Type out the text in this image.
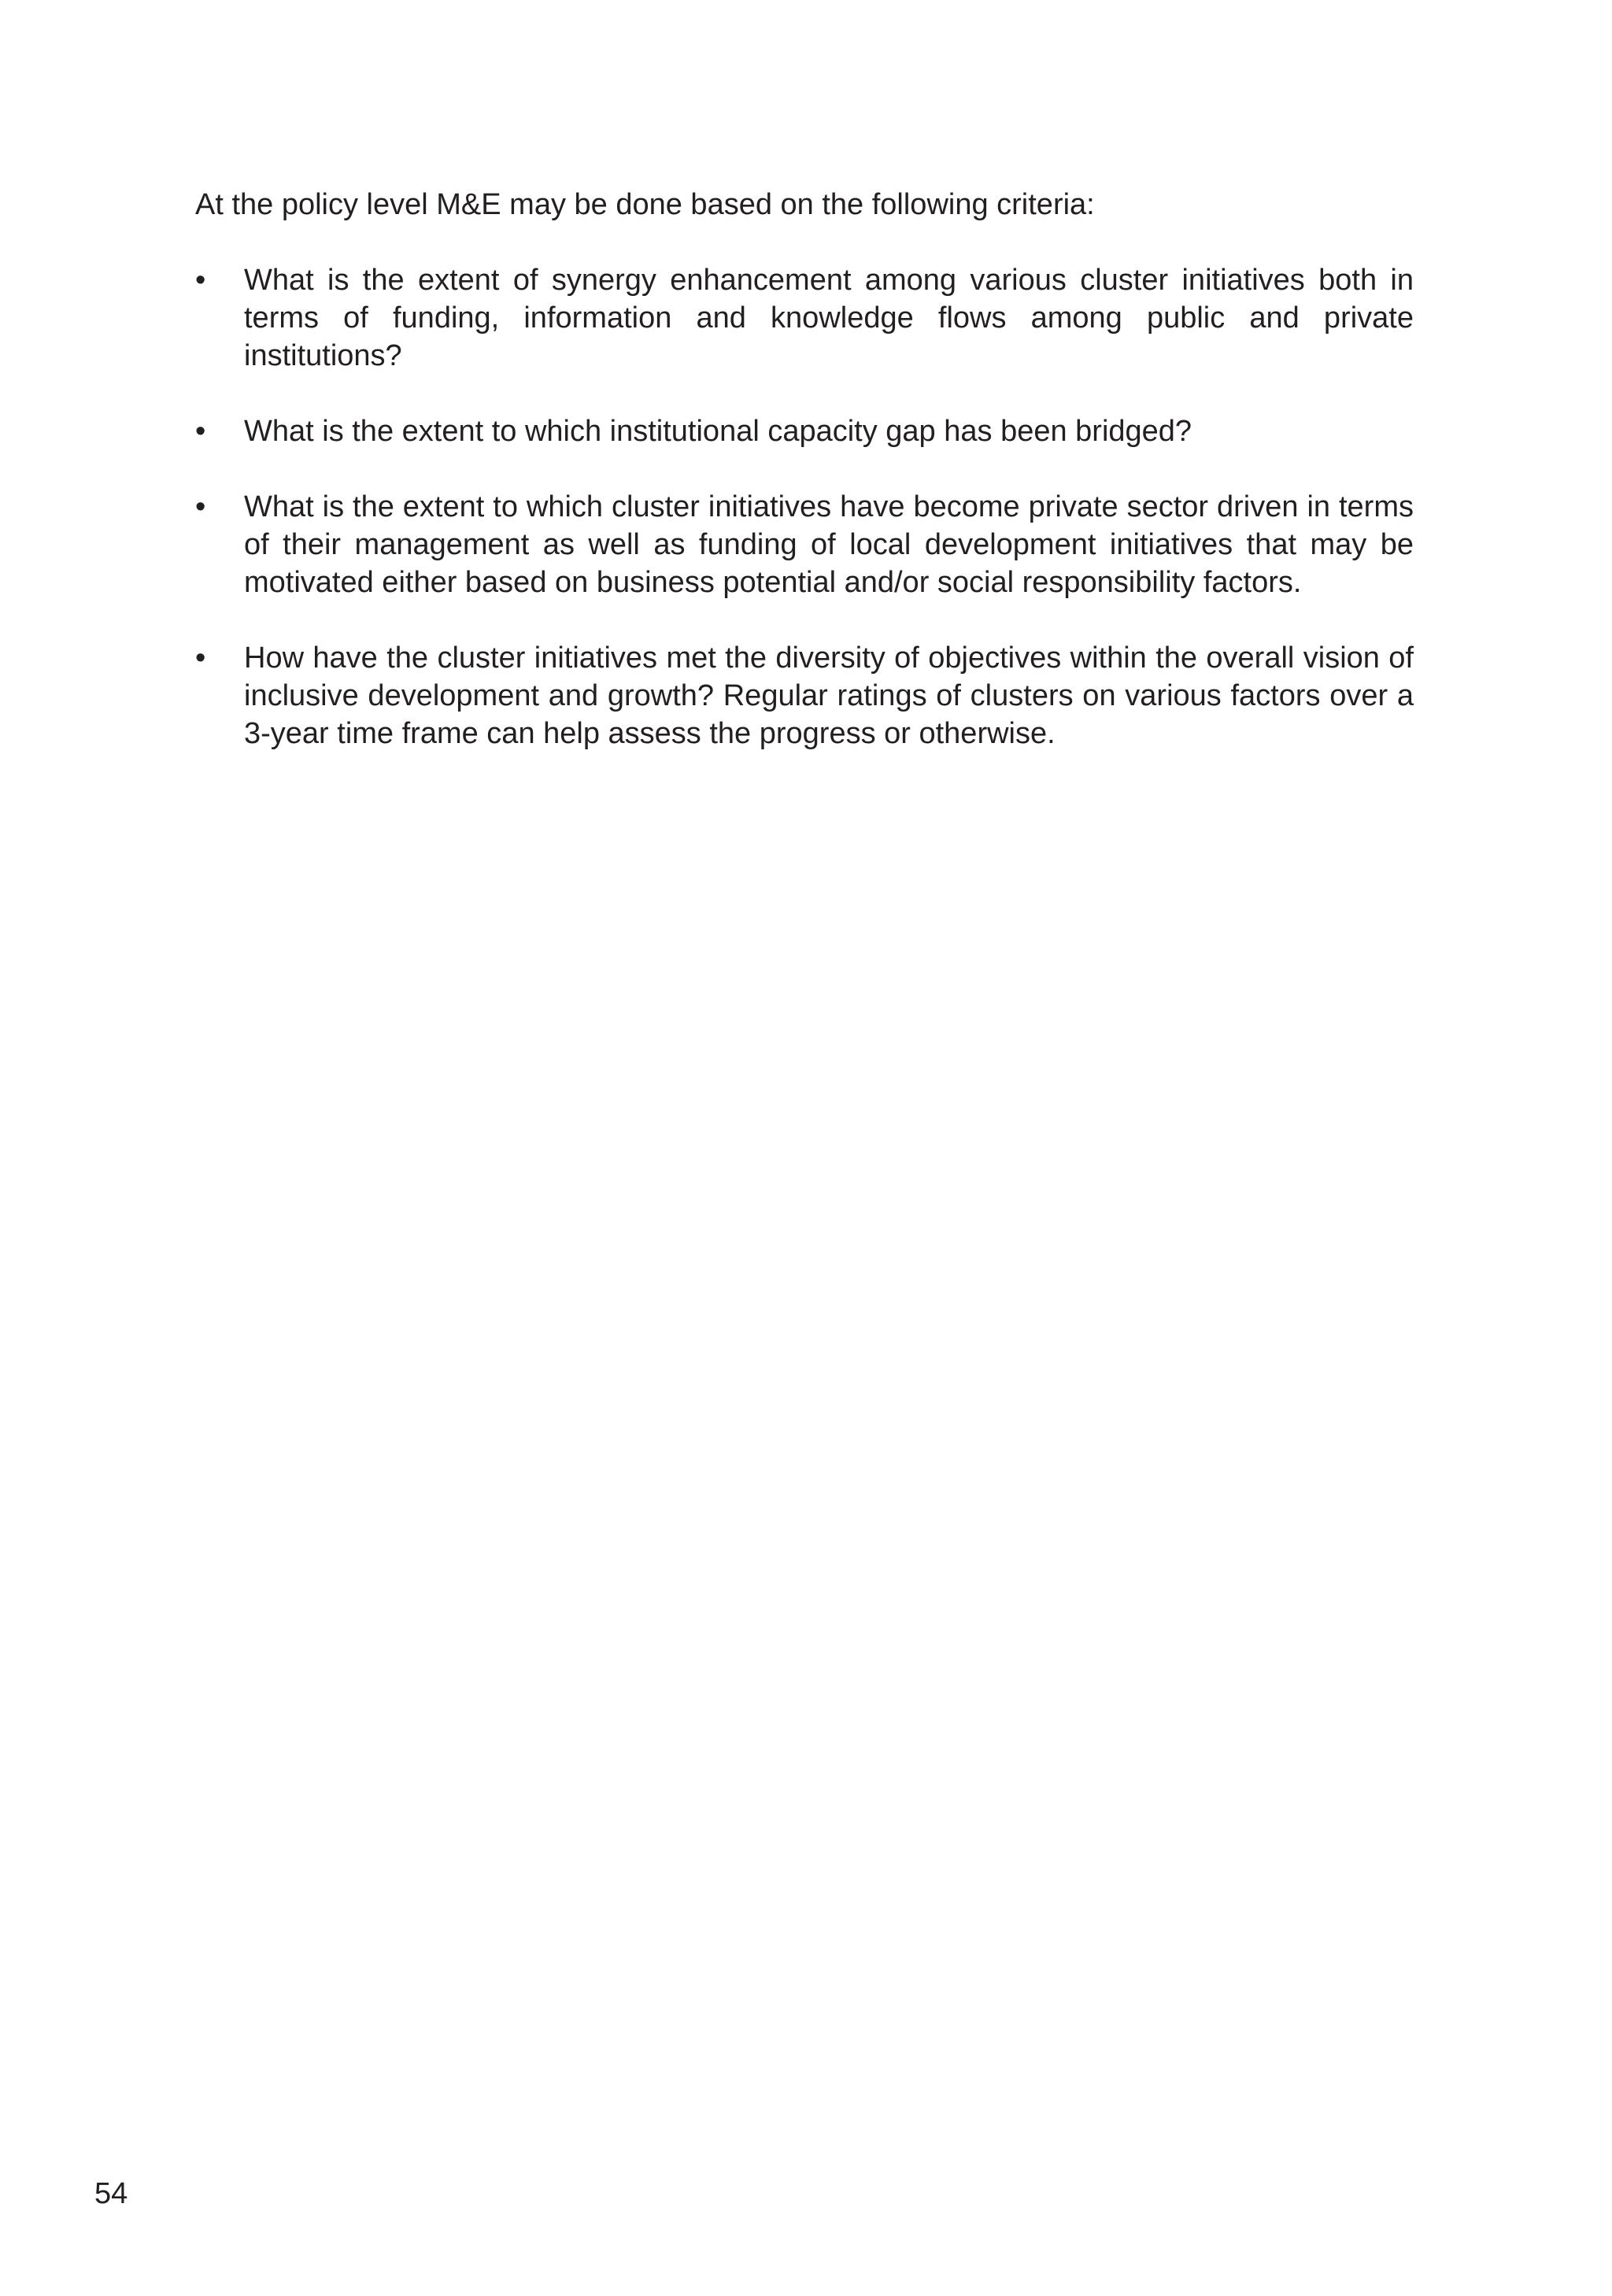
At the policy level M&E may be done based on the following criteria:

•	What is the extent of synergy enhancement among various cluster initiatives both in terms of funding, information and knowledge flows among public and private institutions?
•	What is the extent to which institutional capacity gap has been bridged?
•	What is the extent to which cluster initiatives have become private sector driven in terms of their management as well as funding of local development initiatives that may be motivated either based on business potential and/or social responsibility factors.
•	How have the cluster initiatives met the diversity of objectives within the overall vision of inclusive development and growth? Regular ratings of clusters on various factors over a 3-year time frame can help assess the progress or otherwise.
54
